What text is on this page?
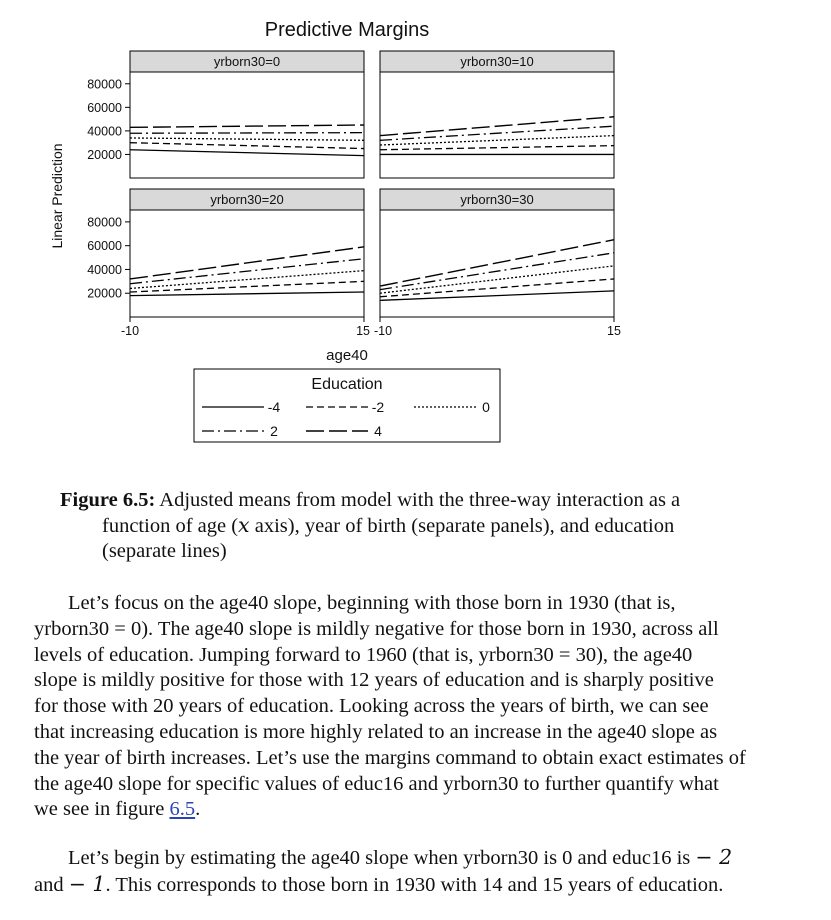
Predictive Margins
Linear Prediction
yrborn30=0
80000
60000
40000
20000
yrborn30=10
yrborn30=20
80000
60000
40000
20000
-10	15
yrborn30=30
-10	15
age40
Education
-4	-2	0
2	4
Figure 6.5: Adjusted means from model with the three-way interaction as a
function of age (x axis), year of birth (separate panels), and education
(separate lines)
Let’s focus on the age40 slope, beginning with those born in 1930 (that is,
yrborn30 = 0). The age40 slope is mildly negative for those born in 1930, across all
levels of education. Jumping forward to 1960 (that is, yrborn30 = 30), the age40
slope is mildly positive for those with 12 years of education and is sharply positive
for those with 20 years of education. Looking across the years of birth, we can see
that increasing education is more highly related to an increase in the age40 slope as
the year of birth increases. Let’s use the margins command to obtain exact estimates of
the age40 slope for specific values of educ16 and yrborn30 to further quantify what
we see in figure 6.5.
Let’s begin by estimating the age40 slope when yrborn30 is 0 and educ16 is − 2
and − 1. This corresponds to those born in 1930 with 14 and 15 years of education.
